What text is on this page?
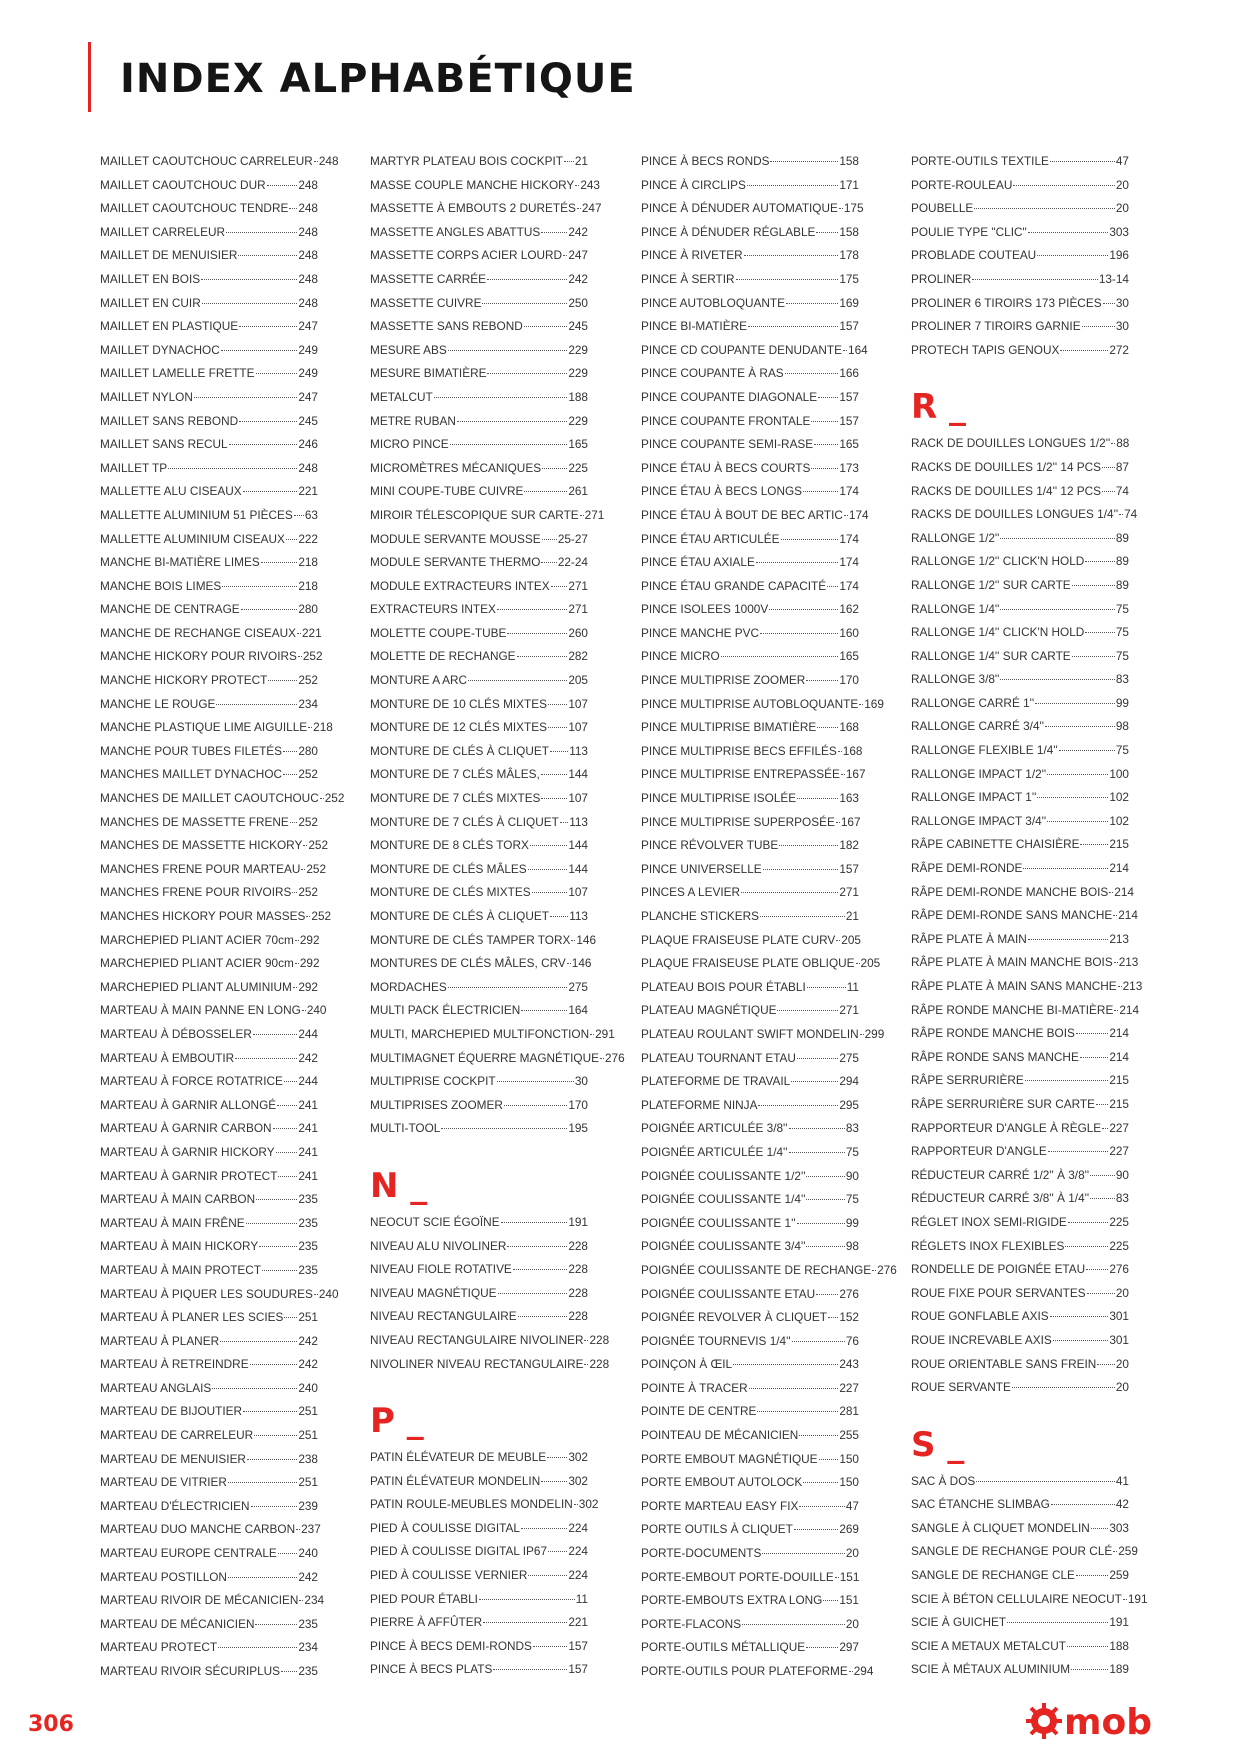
INDEX ALPHABÉTIQUE
MAILLET CAOUTCHOUC CARRELEUR 248
MAILLET CAOUTCHOUC DUR	248
MAILLET CAOUTCHOUC TENDRE 248
MAILLET CARRELEUR	248
MAILLET DE MENUISIER	248
MAILLET EN BOIS	248
MAILLET EN CUIR	248
MAILLET EN PLASTIQUE	247
MAILLET DYNACHOC	249
MAILLET LAMELLE FRETTE	249
MAILLET NYLON	247
MAILLET SANS REBOND	245
MAILLET SANS RECUL	246
MAILLET TP	248
MALLETTE ALU CISEAUX	221
MALLETTE ALUMINIUM 51 PIÈCES 63
MALLETTE ALUMINIUM CISEAUX 222
MANCHE BI-MATIÈRE LIMES	218
MANCHE BOIS LIMES	218
MANCHE DE CENTRAGE	280
MANCHE DE RECHANGE CISEAUX 221
MANCHE HICKORY POUR RIVOIRS 252
MANCHE HICKORY PROTECT	252
MANCHE LE ROUGE	234
MANCHE PLASTIQUE LIME AIGUILLE 218
MANCHE POUR TUBES FILETÉS 280
MANCHES MAILLET DYNACHOC 252
MANCHES DE MAILLET CAOUTCHOUC 252
MANCHES DE MASSETTE FRENE 252
MANCHES DE MASSETTE HICKORY 252
MANCHES FRENE POUR MARTEAU 252
MANCHES FRENE POUR RIVOIRS 252
MANCHES HICKORY POUR MASSES 252
MARCHEPIED PLIANT ACIER 70cm 292
MARCHEPIED PLIANT ACIER 90cm 292
MARCHEPIED PLIANT ALUMINIUM 292
MARTEAU À MAIN PANNE EN LONG 240
MARTEAU À DÉBOSSELER	244
MARTEAU À EMBOUTIR	242
MARTEAU À FORCE ROTATRICE 244
MARTEAU À GARNIR ALLONGÉ 241
MARTEAU À GARNIR CARBON 241
MARTEAU À GARNIR HICKORY 241
MARTEAU À GARNIR PROTECT 241
MARTEAU À MAIN CARBON	235
MARTEAU À MAIN FRÊNE	235
MARTEAU À MAIN HICKORY	235
MARTEAU À MAIN PROTECT	235
MARTEAU À PIQUER LES SOUDURES 240
MARTEAU À PLANER LES SCIES 251
MARTEAU À PLANER	242
MARTEAU À RETREINDRE	242
MARTEAU ANGLAIS	240
MARTEAU DE BIJOUTIER	251
MARTEAU DE CARRELEUR	251
MARTEAU DE MENUISIER	238
MARTEAU DE VITRIER	251
MARTEAU D'ÉLECTRICIEN	239
MARTEAU DUO MANCHE CARBON 237
MARTEAU EUROPE CENTRALE 240
MARTEAU POSTILLON	242
MARTEAU RIVOIR DE MÉCANICIEN 234
MARTEAU DE MÉCANICIEN	235
MARTEAU PROTECT	234
MARTEAU RIVOIR SÉCURIPLUS 235
MARTYR PLATEAU BOIS COCKPIT 21
MASSE COUPLE MANCHE HICKORY 243
MASSETTE À EMBOUTS 2 DURETÉS 247
MASSETTE ANGLES ABATTUS 242
MASSETTE CORPS ACIER LOURD 247
MASSETTE CARRÉE	242
MASSETTE CUIVRE	250
MASSETTE SANS REBOND	245
MESURE ABS	229
MESURE BIMATIÈRE	229
METALCUT	188
METRE RUBAN	229
MICRO PINCE	165
MICROMÈTRES MÉCANIQUES 225
MINI COUPE-TUBE CUIVRE	261
MIROIR TÉLESCOPIQUE SUR CARTE 271
MODULE SERVANTE MOUSSE 25-27
MODULE SERVANTE THERMO 22-24
MODULE EXTRACTEURS INTEX 271
EXTRACTEURS INTEX	271
MOLETTE COUPE-TUBE	260
MOLETTE DE RECHANGE	282
MONTURE A ARC	205
MONTURE DE 10 CLÉS MIXTES 107
MONTURE DE 12 CLÉS MIXTES 107
MONTURE DE CLÉS À CLIQUET 113
MONTURE DE 7 CLÉS MÂLES, 144
MONTURE DE 7 CLÉS MIXTES 107
MONTURE DE 7 CLÉS À CLIQUET 113
MONTURE DE 8 CLÉS TORX	144
MONTURE DE CLÉS MÂLES	144
MONTURE DE CLÉS MIXTES	107
MONTURE DE CLÉS À CLIQUET 113
MONTURE DE CLÉS TAMPER TORX 146
MONTURES DE CLÉS MÂLES, CRV 146
MORDACHES	275
MULTI PACK ÉLECTRICIEN	164
MULTI, MARCHEPIED MULTIFONCTION 291
MULTIMAGNET ÉQUERRE MAGNÉTIQUE 276
MULTIPRISE COCKPIT	30
MULTIPRISES ZOOMER	170
MULTI-TOOL	195
N _
NEOCUT SCIE ÉGOÏNE	191
NIVEAU ALU NIVOLINER	228
NIVEAU FIOLE ROTATIVE	228
NIVEAU MAGNÉTIQUE	228
NIVEAU RECTANGULAIRE	228
NIVEAU RECTANGULAIRE NIVOLINER 228
NIVOLINER NIVEAU RECTANGULAIRE 228
P _
PATIN ÉLÉVATEUR DE MEUBLE 302
PATIN ÉLÉVATEUR MONDELIN 302
PATIN ROULE-MEUBLES MONDELIN 302
PIED À COULISSE DIGITAL	224
PIED À COULISSE DIGITAL IP67 224
PIED À COULISSE VERNIER	224
PIED POUR ÉTABLI	11
PIERRE À AFFÛTER	221
PINCE À BECS DEMI-RONDS	157
PINCE À BECS PLATS	157
PINCE À BECS RONDS	158
PINCE À CIRCLIPS	171
PINCE À DÉNUDER AUTOMATIQUE 175
PINCE À DÉNUDER RÉGLABLE 158
PINCE À RIVETER	178
PINCE À SERTIR	175
PINCE AUTOBLOQUANTE	169
PINCE BI-MATIÈRE	157
PINCE CD COUPANTE DENUDANTE 164
PINCE COUPANTE À RAS	166
PINCE COUPANTE DIAGONALE 157
PINCE COUPANTE FRONTALE 157
PINCE COUPANTE SEMI-RASE 165
PINCE ÉTAU À BECS COURTS 173
PINCE ÉTAU À BECS LONGS	174
PINCE ÉTAU À BOUT DE BEC ARTIC 174
PINCE ÉTAU ARTICULÉE	174
PINCE ÉTAU AXIALE	174
PINCE ÉTAU GRANDE CAPACITÉ 174
PINCE ISOLEES 1000V	162
PINCE MANCHE PVC	160
PINCE MICRO	165
PINCE MULTIPRISE ZOOMER	170
PINCE MULTIPRISE AUTOBLOQUANTE 169
PINCE MULTIPRISE BIMATIÈRE 168
PINCE MULTIPRISE BECS EFFILÉS 168
PINCE MULTIPRISE ENTREPASSÉE 167
PINCE MULTIPRISE ISOLÉE	163
PINCE MULTIPRISE SUPERPOSÉE 167
PINCE RÉVOLVER TUBE	182
PINCE UNIVERSELLE	157
PINCES A LEVIER	271
PLANCHE STICKERS	21
PLAQUE FRAISEUSE PLATE CURV 205
PLAQUE FRAISEUSE PLATE OBLIQUE 205
PLATEAU BOIS POUR ÉTABLI	11
PLATEAU MAGNÉTIQUE	271
PLATEAU ROULANT SWIFT MONDELIN 299
PLATEAU TOURNANT ETAU	275
PLATEFORME DE TRAVAIL	294
PLATEFORME NINJA	295
POIGNÉE ARTICULÉE 3/8''	83
POIGNÉE ARTICULÉE 1/4''	75
POIGNÉE COULISSANTE 1/2''	90
POIGNÉE COULISSANTE 1/4''	75
POIGNÉE COULISSANTE 1''	99
POIGNÉE COULISSANTE 3/4''	98
POIGNÉE COULISSANTE DE RECHANGE 276
POIGNÉE COULISSANTE ETAU 276
POIGNÉE REVOLVER À CLIQUET 152
POIGNÉE TOURNEVIS 1/4''	76
POINÇON À ŒIL	243
POINTE À TRACER	227
POINTE DE CENTRE	281
POINTEAU DE MÉCANICIEN	255
PORTE EMBOUT MAGNÉTIQUE 150
PORTE EMBOUT AUTOLOCK	150
PORTE MARTEAU EASY FIX	47
PORTE OUTILS À CLIQUET	269
PORTE-DOCUMENTS	20
PORTE-EMBOUT PORTE-DOUILLE 151
PORTE-EMBOUTS EXTRA LONG 151
PORTE-FLACONS	20
PORTE-OUTILS MÉTALLIQUE	297
PORTE-OUTILS POUR PLATEFORME 294
PORTE-OUTILS TEXTILE	47
PORTE-ROULEAU	20
POUBELLE	20
POULIE TYPE "CLIC"	303
PROBLADE COUTEAU	196
PROLINER	13-14
PROLINER 6 TIROIRS 173 PIÈCES 30
PROLINER 7 TIROIRS GARNIE	30
PROTECH TAPIS GENOUX	272
R _
RACK DE DOUILLES LONGUES 1/2'' 88
RACKS DE DOUILLES 1/2'' 14 PCS 87
RACKS DE DOUILLES 1/4'' 12 PCS 74
RACKS DE DOUILLES LONGUES 1/4'' 74
RALLONGE 1/2''	89
RALLONGE 1/2'' CLICK'N HOLD	89
RALLONGE 1/2'' SUR CARTE	89
RALLONGE 1/4''	75
RALLONGE 1/4'' CLICK'N HOLD	75
RALLONGE 1/4'' SUR CARTE	75
RALLONGE 3/8''	83
RALLONGE CARRÉ 1''	99
RALLONGE CARRÉ 3/4''	98
RALLONGE FLEXIBLE 1/4''	75
RALLONGE IMPACT 1/2''	100
RALLONGE IMPACT 1''	102
RALLONGE IMPACT 3/4''	102
RÂPE CABINETTE CHAISIÈRE	215
RÂPE DEMI-RONDE	214
RÂPE DEMI-RONDE MANCHE BOIS 214
RÂPE DEMI-RONDE SANS MANCHE 214
RÂPE PLATE À MAIN	213
RÂPE PLATE À MAIN MANCHE BOIS 213
RÂPE PLATE À MAIN SANS MANCHE 213
RÂPE RONDE MANCHE BI-MATIÈRE 214
RÂPE RONDE MANCHE BOIS	214
RÂPE RONDE SANS MANCHE	214
RÂPE SERRURIÈRE	215
RÂPE SERRURIÈRE SUR CARTE 215
RAPPORTEUR D'ANGLE À RÈGLE 227
RAPPORTEUR D'ANGLE	227
RÉDUCTEUR CARRÉ 1/2'' À 3/8'' 90
RÉDUCTEUR CARRÉ 3/8'' À 1/4'' 83
RÉGLET INOX SEMI-RIGIDE	225
RÉGLETS INOX FLEXIBLES	225
RONDELLE DE POIGNÉE ETAU 276
ROUE FIXE POUR SERVANTES	20
ROUE GONFLABLE AXIS	301
ROUE INCREVABLE AXIS	301
ROUE ORIENTABLE SANS FREIN 20
ROUE SERVANTE	20
S _
SAC À DOS	41
SAC ÉTANCHE SLIMBAG	42
SANGLE À CLIQUET MONDELIN 303
SANGLE DE RECHANGE POUR CLÉ 259
SANGLE DE RECHANGE CLE	259
SCIE À BÉTON CELLULAIRE NEOCUT 191
SCIE À GUICHET	191
SCIE A METAUX METALCUT	188
SCIE À MÉTAUX ALUMINIUM	189
306	mob
